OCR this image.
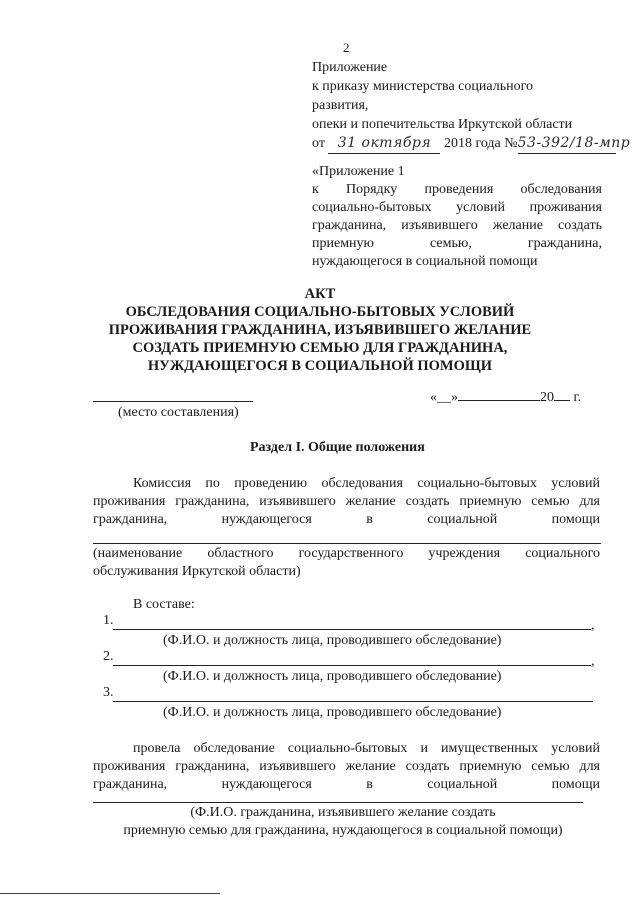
2
Приложение
к приказу министерства социального
развития,
опеки и попечительства Иркутской области
от 31 октября 2018 года №53-392/18-мпр
«Приложение 1
к Порядку проведения обследования
социально-бытовых условий проживания
гражданина, изъявившего желание создать
приемную семью, гражданина,
нуждающегося в социальной помощи
АКТ
ОБСЛЕДОВАНИЯ СОЦИАЛЬНО-БЫТОВЫХ УСЛОВИЙ
ПРОЖИВАНИЯ ГРАЖДАНИНА, ИЗЪЯВИВШЕГО ЖЕЛАНИЕ
СОЗДАТЬ ПРИЕМНУЮ СЕМЬЮ ДЛЯ ГРАЖДАНИНА,
НУЖДАЮЩЕГОСЯ В СОЦИАЛЬНОЙ ПОМОЩИ
(место составления)
«__»	20 г.
Раздел I. Общие положения
Комиссия по проведению обследования социально-бытовых условий
проживания гражданина, изъявившего желание создать приемную семью для
гражданина, нуждающегося в социальной помощи
(наименование областного государственного учреждения социального
обслуживания Иркутской области)
В составе:
1.	,
(Ф.И.О. и должность лица, проводившего обследование)
2.	,
(Ф.И.О. и должность лица, проводившего обследование)
3.
(Ф.И.О. и должность лица, проводившего обследование)
провела обследование социально-бытовых и имущественных условий
проживания гражданина, изъявившего желание создать приемную семью для
гражданина, нуждающегося в социальной помощи
(Ф.И.О. гражданина, изъявившего желание создать
приемную семью для гражданина, нуждающегося в социальной помощи)
